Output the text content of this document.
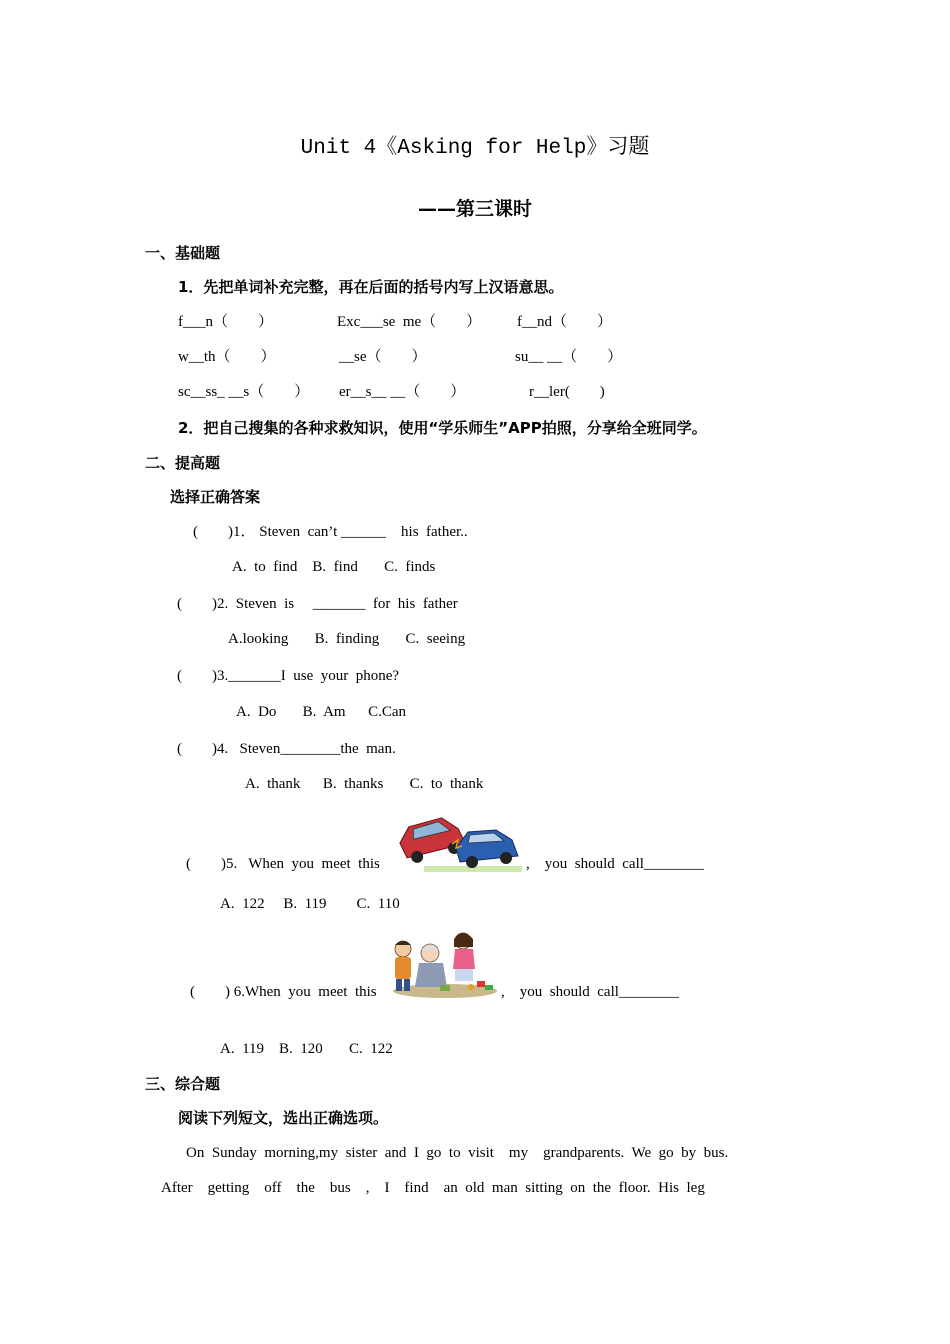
Unit 4《Asking for Help》习题
——第三课时
一、基础题
1．先把单词补充完整，再在后面的括号内写上汉语意思。
f___n（　　）	Exc___se  me（　　） f__nd（　　）
w__th（　　）	__se（　　）	su__ __（　　）
sc__ss_ __s（　　） er__s__ __（　　）	r__ler(　　)
2．把自己搜集的各种求救知识，使用“学乐师生”APP拍照，分享给全班同学。
二、提高题
选择正确答案
(　　)1． Steven  can’t ______    his  father..
A.  to  find    B.  find       C.  finds
(　　)2.  Steven  is     _______  for  his  father
A.looking       B.  finding       C.  seeing
(　　)3._______I  use  your  phone?
A.  Do       B.  Am      C.Can
(　　)4.   Steven________the  man.
A.  thank      B.  thanks       C.  to  thank
(　　)5.   When  you  meet  this	,    you  should  call________
A.  122     B.  119        C.  110
(　　) 6.When  you  meet  this	,    you  should  call________
A.  119    B.  120       C.  122
三、综合题
阅读下列短文，选出正确选项。
On  Sunday  morning,my  sister  and  I  go  to  visit    my    grandparents.  We  go  by  bus.
After    getting    off    the    bus    ,    I    find    an  old  man  sitting  on  the  floor.  His  leg
